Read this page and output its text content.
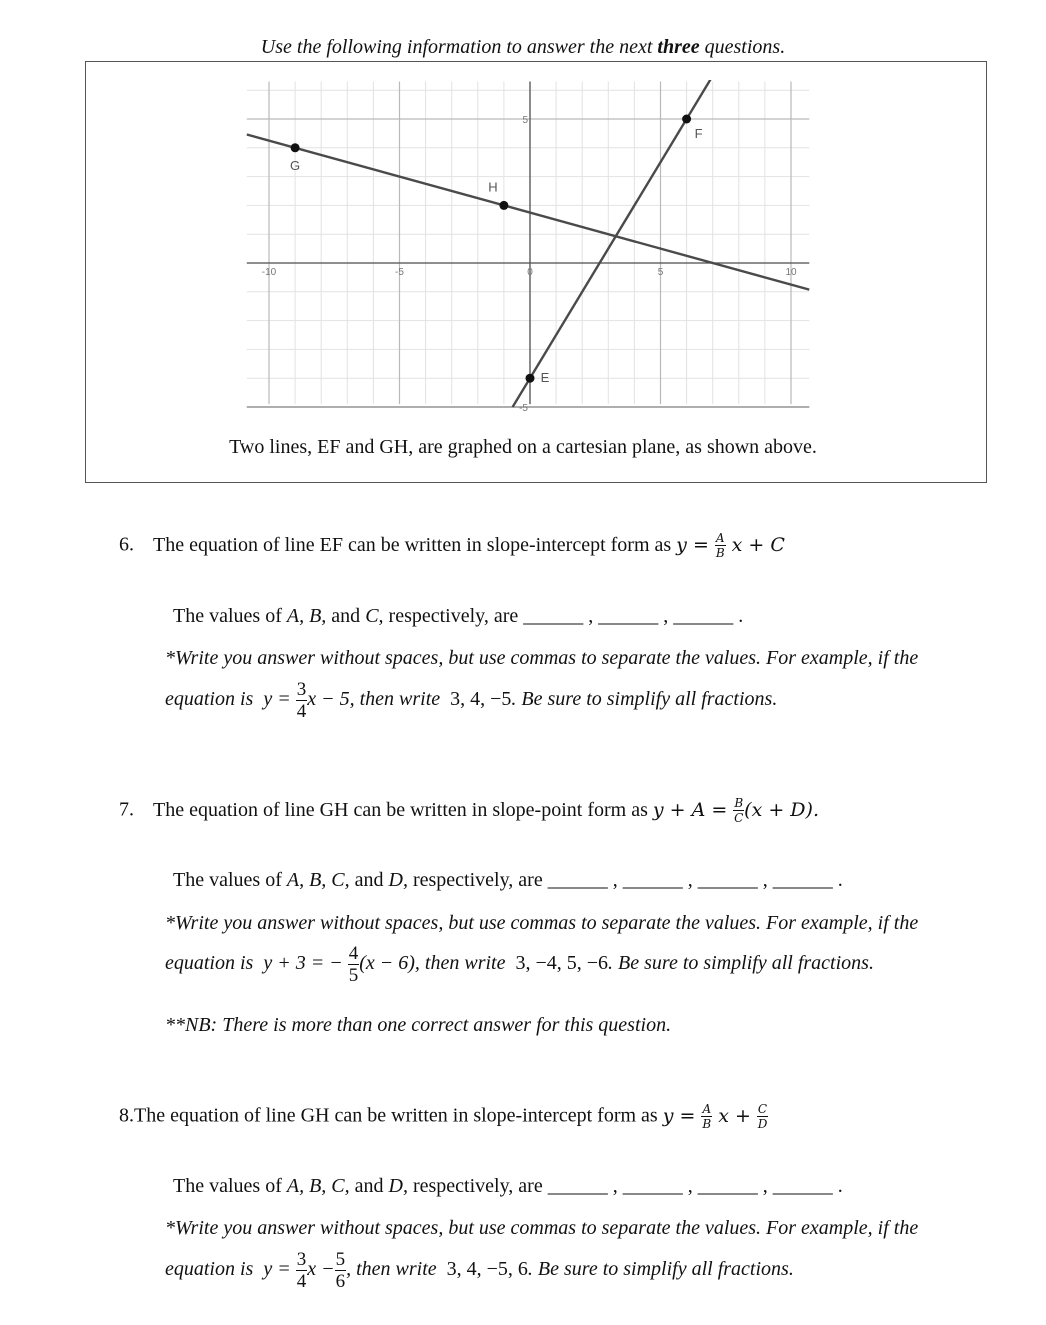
Use the following information to answer the next three questions.
-10	-5	0	5	10
5
-5
G
H
E
F
Two lines, EF and GH, are graphed on a cartesian plane, as shown above.
6. The equation of line EF can be written in slope-intercept form as $y = \frac{A}{B}$ x + C
The values of A, B, and C, respectively, are ______ , ______ , ______ .
*Write you answer without spaces, but use commas to separate the values. For example, if the
equation is $y = \frac{3}{4}$ x − 5, then write 3, 4, −5. Be sure to simplify all fractions.
7. The equation of line GH can be written in slope-point form as $y + A = \frac{B}{C} (x + D)$.
The values of A, B, C, and D, respectively, are ______ , ______ , ______ , ______ .
*Write you answer without spaces, but use commas to separate the values. For example, if the
equation is y + 3 = − $\frac{4}{5} (x - 6)$, then write 3, −4, 5, −6. Be sure to simplify all fractions.
**NB: There is more than one correct answer for this question.
8.The equation of line GH can be written in slope-intercept form as $y = \frac{A}{B}$ $x + \frac{C}{D}$
The values of A, B, C, and D, respectively, are ______ , ______ , ______ , ______ .
*Write you answer without spaces, but use commas to separate the values. For example, if the
equation is $y = \frac{3}{4}$ $x - \frac{5}{6}$ , then write 3, 4, −5, 6. Be sure to simplify all fractions.
